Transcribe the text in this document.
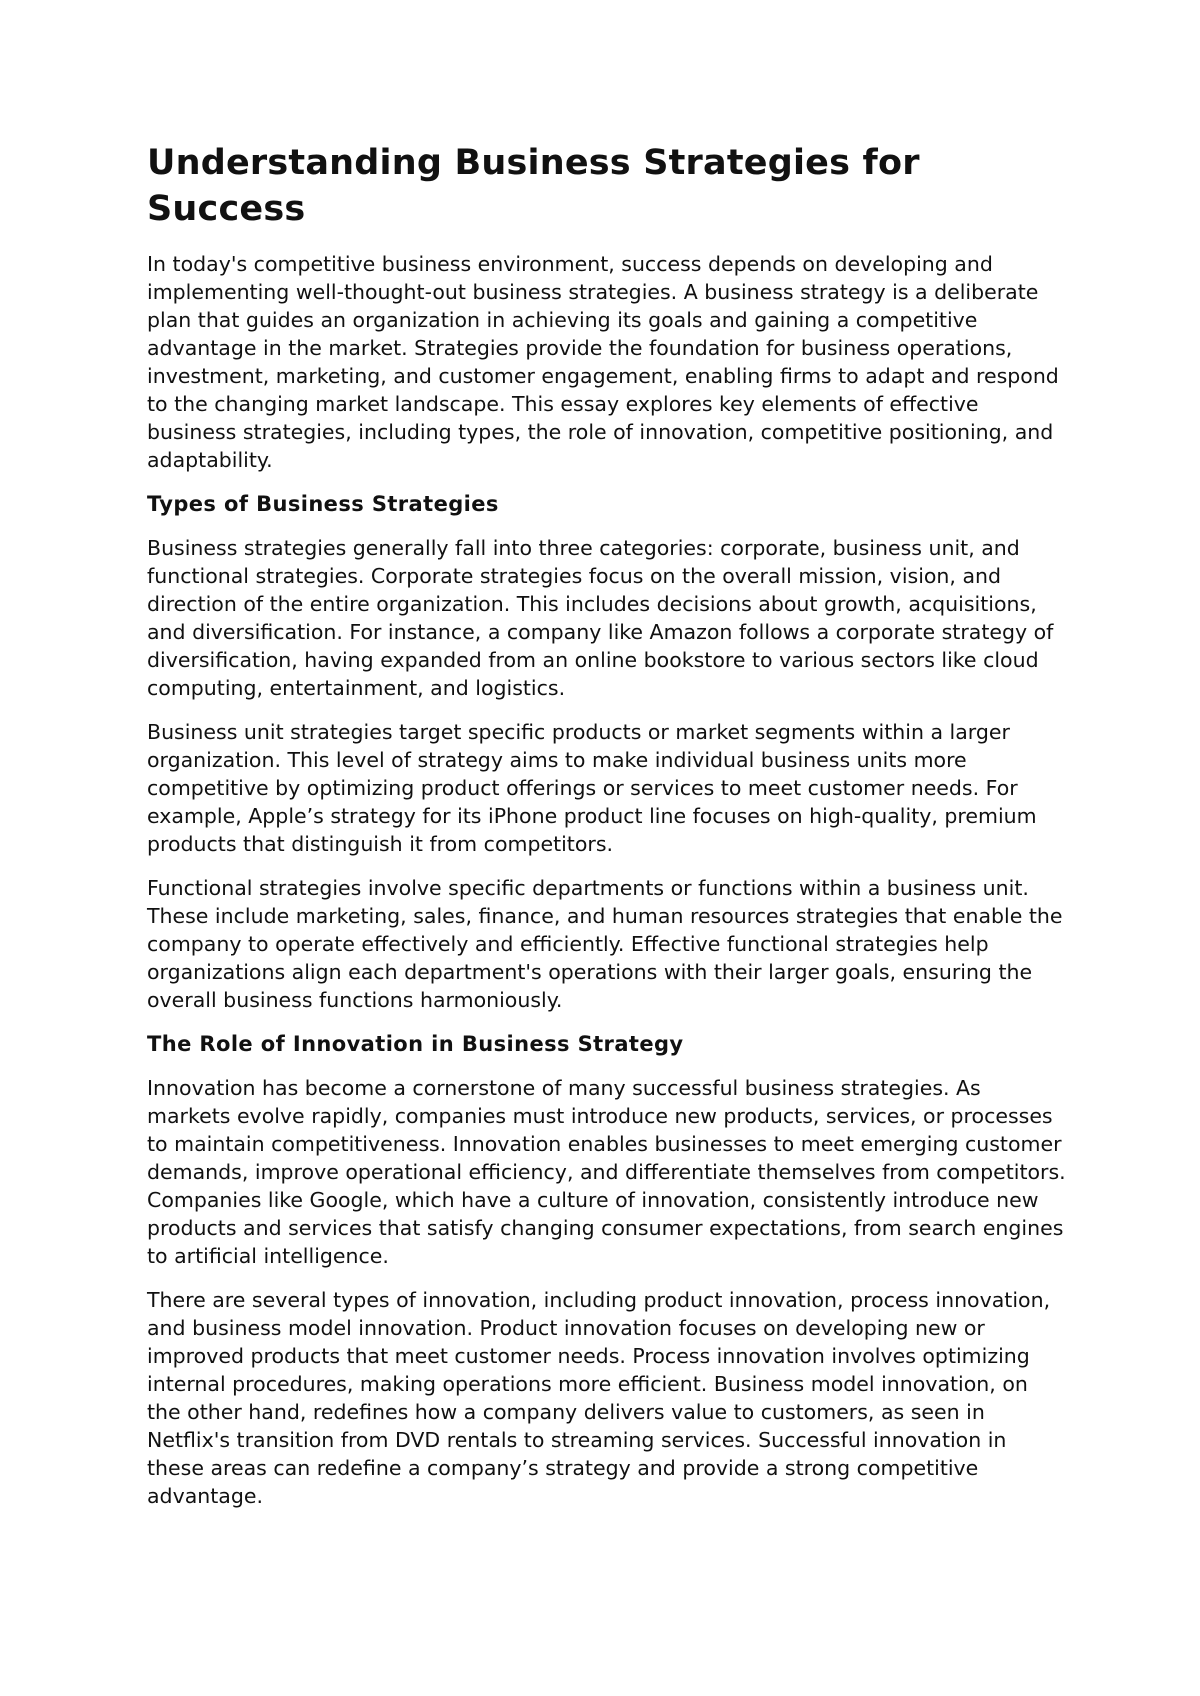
Understanding Business Strategies for Success

In today's competitive business environment, success depends on developing and implementing well-thought-out business strategies. A business strategy is a deliberate plan that guides an organization in achieving its goals and gaining a competitive advantage in the market. Strategies provide the foundation for business operations, investment, marketing, and customer engagement, enabling firms to adapt and respond to the changing market landscape. This essay explores key elements of effective business strategies, including types, the role of innovation, competitive positioning, and adaptability.

Types of Business Strategies

Business strategies generally fall into three categories: corporate, business unit, and functional strategies. Corporate strategies focus on the overall mission, vision, and direction of the entire organization. This includes decisions about growth, acquisitions, and diversification. For instance, a company like Amazon follows a corporate strategy of diversification, having expanded from an online bookstore to various sectors like cloud computing, entertainment, and logistics.

Business unit strategies target specific products or market segments within a larger organization. This level of strategy aims to make individual business units more competitive by optimizing product offerings or services to meet customer needs. For example, Apple’s strategy for its iPhone product line focuses on high-quality, premium products that distinguish it from competitors.

Functional strategies involve specific departments or functions within a business unit. These include marketing, sales, finance, and human resources strategies that enable the company to operate effectively and efficiently. Effective functional strategies help organizations align each department's operations with their larger goals, ensuring the overall business functions harmoniously.

The Role of Innovation in Business Strategy

Innovation has become a cornerstone of many successful business strategies. As markets evolve rapidly, companies must introduce new products, services, or processes to maintain competitiveness. Innovation enables businesses to meet emerging customer demands, improve operational efficiency, and differentiate themselves from competitors. Companies like Google, which have a culture of innovation, consistently introduce new products and services that satisfy changing consumer expectations, from search engines to artificial intelligence.

There are several types of innovation, including product innovation, process innovation, and business model innovation. Product innovation focuses on developing new or improved products that meet customer needs. Process innovation involves optimizing internal procedures, making operations more efficient. Business model innovation, on the other hand, redefines how a company delivers value to customers, as seen in Netflix's transition from DVD rentals to streaming services. Successful innovation in these areas can redefine a company’s strategy and provide a strong competitive advantage.
